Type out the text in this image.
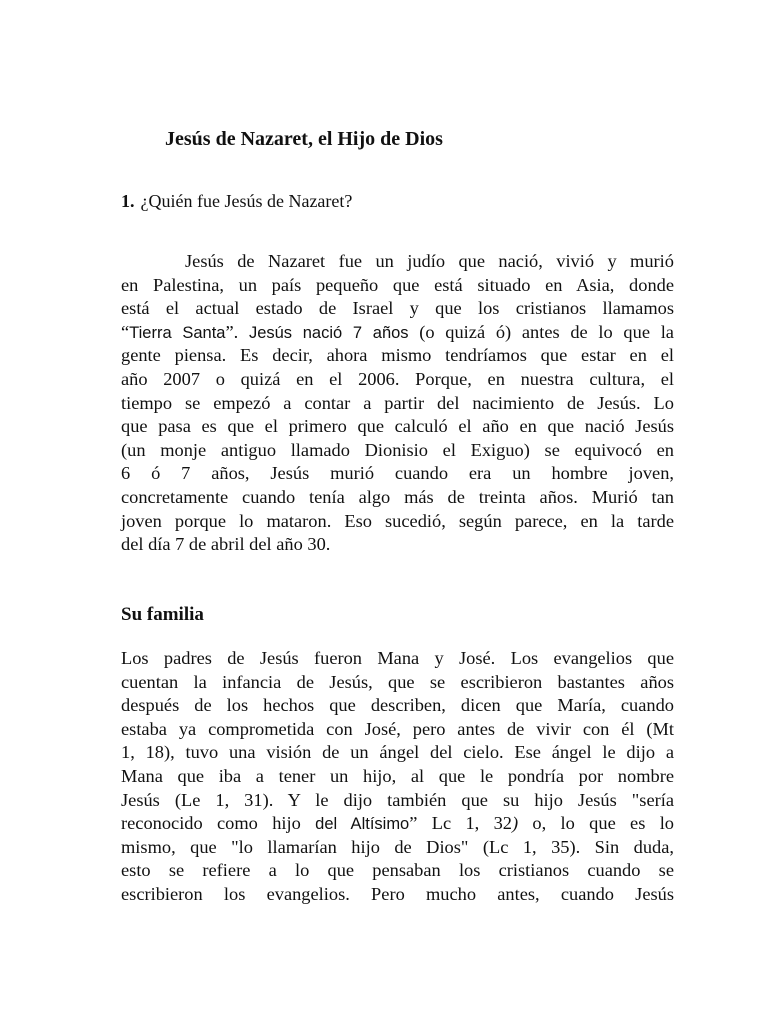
Jesús de Nazaret, el Hijo de Dios
1. ¿Quién fue Jesús de Nazaret?
Jesús de Nazaret fue un judío que nació, vivió y murió
en Palestina, un país pequeño que está situado en Asia, donde
está el actual estado de Israel y que los cristianos llamamos
“Tierra Santa”. Jesús nació 7 años (o quizá ó) antes de lo que la
gente piensa. Es decir, ahora mismo tendríamos que estar en el
año 2007 o quizá en el 2006. Porque, en nuestra cultura, el
tiempo se empezó a contar a partir del nacimiento de Jesús. Lo
que pasa es que el primero que calculó el año en que nació Jesús
(un monje antiguo llamado Dionisio el Exiguo) se equivocó en
6 ó 7 años, Jesús murió cuando era un hombre joven,
concretamente cuando tenía algo más de treinta años. Murió tan
joven porque lo mataron. Eso sucedió, según parece, en la tarde
del día 7 de abril del año 30.
Su familia
Los padres de Jesús fueron Mana y José. Los evangelios que
cuentan la infancia de Jesús, que se escribieron bastantes años
después de los hechos que describen, dicen que María, cuando
estaba ya comprometida con José, pero antes de vivir con él (Mt
1, 18), tuvo una visión de un ángel del cielo. Ese ángel le dijo a
Mana que iba a tener un hijo, al que le pondría por nombre
Jesús (Le 1, 31). Y le dijo también que su hijo Jesús "sería
reconocido como hijo del Altísimo” Lc 1, 32) o, lo que es lo
mismo, que "lo llamarían hijo de Dios" (Lc 1, 35). Sin duda,
esto se refiere a lo que pensaban los cristianos cuando se
escribieron los evangelios. Pero mucho antes, cuando Jesús
